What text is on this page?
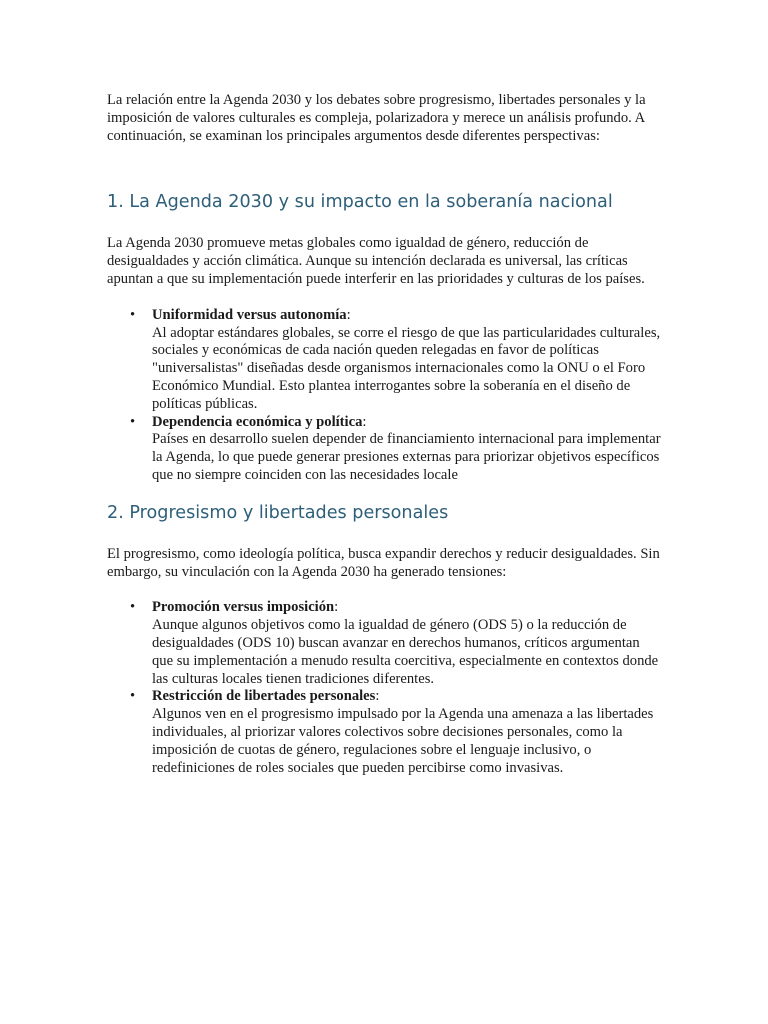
La relación entre la Agenda 2030 y los debates sobre progresismo, libertades personales y la imposición de valores culturales es compleja, polarizadora y merece un análisis profundo. A continuación, se examinan los principales argumentos desde diferentes perspectivas:

1. La Agenda 2030 y su impacto en la soberanía nacional

La Agenda 2030 promueve metas globales como igualdad de género, reducción de desigualdades y acción climática. Aunque su intención declarada es universal, las críticas apuntan a que su implementación puede interferir en las prioridades y culturas de los países.

• Uniformidad versus autonomía:
Al adoptar estándares globales, se corre el riesgo de que las particularidades culturales, sociales y económicas de cada nación queden relegadas en favor de políticas "universalistas" diseñadas desde organismos internacionales como la ONU o el Foro Económico Mundial. Esto plantea interrogantes sobre la soberanía en el diseño de políticas públicas.
• Dependencia económica y política:
Países en desarrollo suelen depender de financiamiento internacional para implementar la Agenda, lo que puede generar presiones externas para priorizar objetivos específicos que no siempre coinciden con las necesidades locale
2. Progresismo y libertades personales

El progresismo, como ideología política, busca expandir derechos y reducir desigualdades. Sin embargo, su vinculación con la Agenda 2030 ha generado tensiones:

• Promoción versus imposición:
Aunque algunos objetivos como la igualdad de género (ODS 5) o la reducción de desigualdades (ODS 10) buscan avanzar en derechos humanos, críticos argumentan que su implementación a menudo resulta coercitiva, especialmente en contextos donde las culturas locales tienen tradiciones diferentes.
• Restricción de libertades personales:
Algunos ven en el progresismo impulsado por la Agenda una amenaza a las libertades individuales, al priorizar valores colectivos sobre decisiones personales, como la imposición de cuotas de género, regulaciones sobre el lenguaje inclusivo, o redefiniciones de roles sociales que pueden percibirse como invasivas.
